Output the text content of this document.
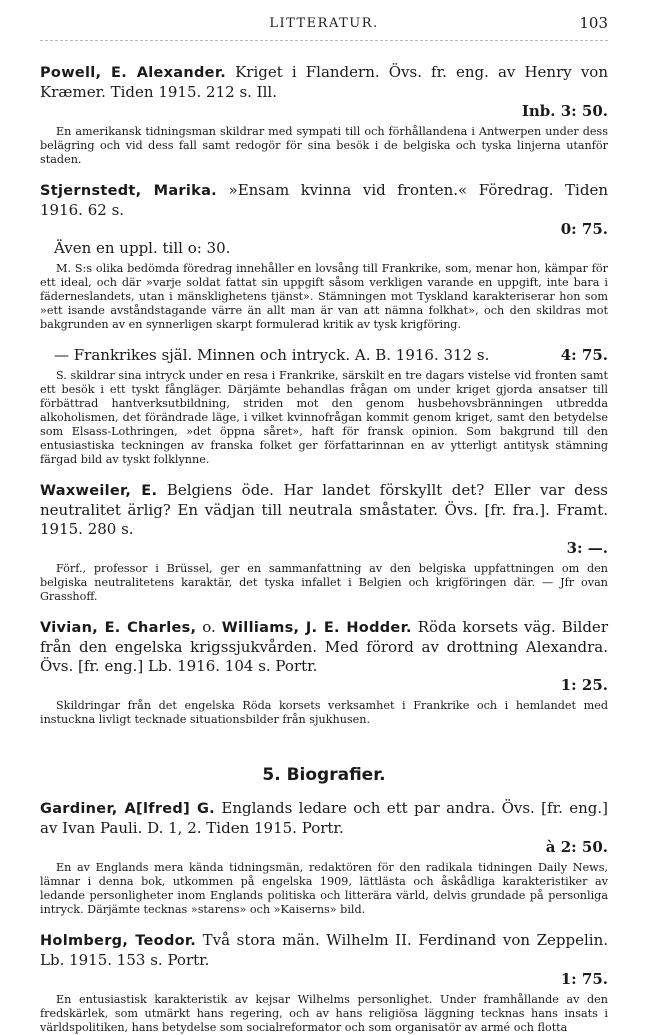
LITTERATUR.	103
Powell, E. Alexander. Kriget i Flandern. Övs. fr. eng. av Henry von Kræmer. Tiden 1915. 212 s. Ill.
Inb. 3: 50.
En amerikansk tidningsman skildrar med sympati till och förhållandena i Antwerpen under dess belägring och vid dess fall samt redogör för sina besök i de belgiska och tyska linjerna utanför staden.
Stjernstedt, Marika. »Ensam kvinna vid fronten.« Föredrag. Tiden 1916. 62 s.
0: 75.
Även en uppl. till o: 30.
M. S:s olika bedömda föredrag innehåller en lovsång till Frankrike, som, menar hon, kämpar för ett ideal, och där »varje soldat fattat sin uppgift såsom verkligen varande en uppgift, inte bara i fäderneslandets, utan i mänsklighetens tjänst». Stämningen mot Tyskland karakteriserar hon som »ett isande avståndstagande värre än allt man är van att nämna folkhat», och den skildras mot bakgrunden av en synnerligen skarpt formulerad kritik av tysk krigföring.
— Frankrikes själ. Minnen och intryck. A. B. 1916. 312 s.	4: 75.
S. skildrar sina intryck under en resa i Frankrike, särskilt en tre dagars vistelse vid fronten samt ett besök i ett tyskt fångläger. Därjämte behandlas frågan om under kriget gjorda ansatser till förbättrad hantverksutbildning, striden mot den genom husbehovsbränningen utbredda alkoholismen, det förändrade läge, i vilket kvinnofrågan kommit genom kriget, samt den betydelse som Elsass-Lothringen, »det öppna såret», haft för fransk opinion. Som bakgrund till den entusiastiska teckningen av franska folket ger författarinnan en av ytterligt antitysk stämning färgad bild av tyskt folklynne.
Waxweiler, E. Belgiens öde. Har landet förskyllt det? Eller var dess neutralitet ärlig? En vädjan till neutrala småstater. Övs. [fr. fra.]. Framt. 1915. 280 s.
3: —.
Förf., professor i Brüssel, ger en sammanfattning av den belgiska uppfattningen om den belgiska neutralitetens karaktär, det tyska infallet i Belgien och krigföringen där. — Jfr ovan Grasshoff.
Vivian, E. Charles, o. Williams, J. E. Hodder. Röda korsets väg. Bilder från den engelska krigssjukvården. Med förord av drottning Alexandra. Övs. [fr. eng.] Lb. 1916. 104 s. Portr.
1: 25.
Skildringar från det engelska Röda korsets verksamhet i Frankrike och i hemlandet med instuckna livligt tecknade situationsbilder från sjukhusen.
5. Biografier.
Gardiner, A[lfred] G. Englands ledare och ett par andra. Övs. [fr. eng.] av Ivan Pauli. D. 1, 2. Tiden 1915. Portr.
à 2: 50.
En av Englands mera kända tidningsmän, redaktören för den radikala tidningen Daily News, lämnar i denna bok, utkommen på engelska 1909, lättlästa och åskådliga karakteristiker av ledande personligheter inom Englands politiska och litterära värld, delvis grundade på personliga intryck. Därjämte tecknas »starens» och »Kaiserns» bild.
Holmberg, Teodor. Två stora män. Wilhelm II. Ferdinand von Zeppelin. Lb. 1915. 153 s. Portr.
1: 75.
En entusiastisk karakteristik av kejsar Wilhelms personlighet. Under framhållande av den fredskärlek, som utmärkt hans regering, och av hans religiösa läggning tecknas hans insats i världspolitiken, hans betydelse som socialreformator och som organisatör av armé och flotta
